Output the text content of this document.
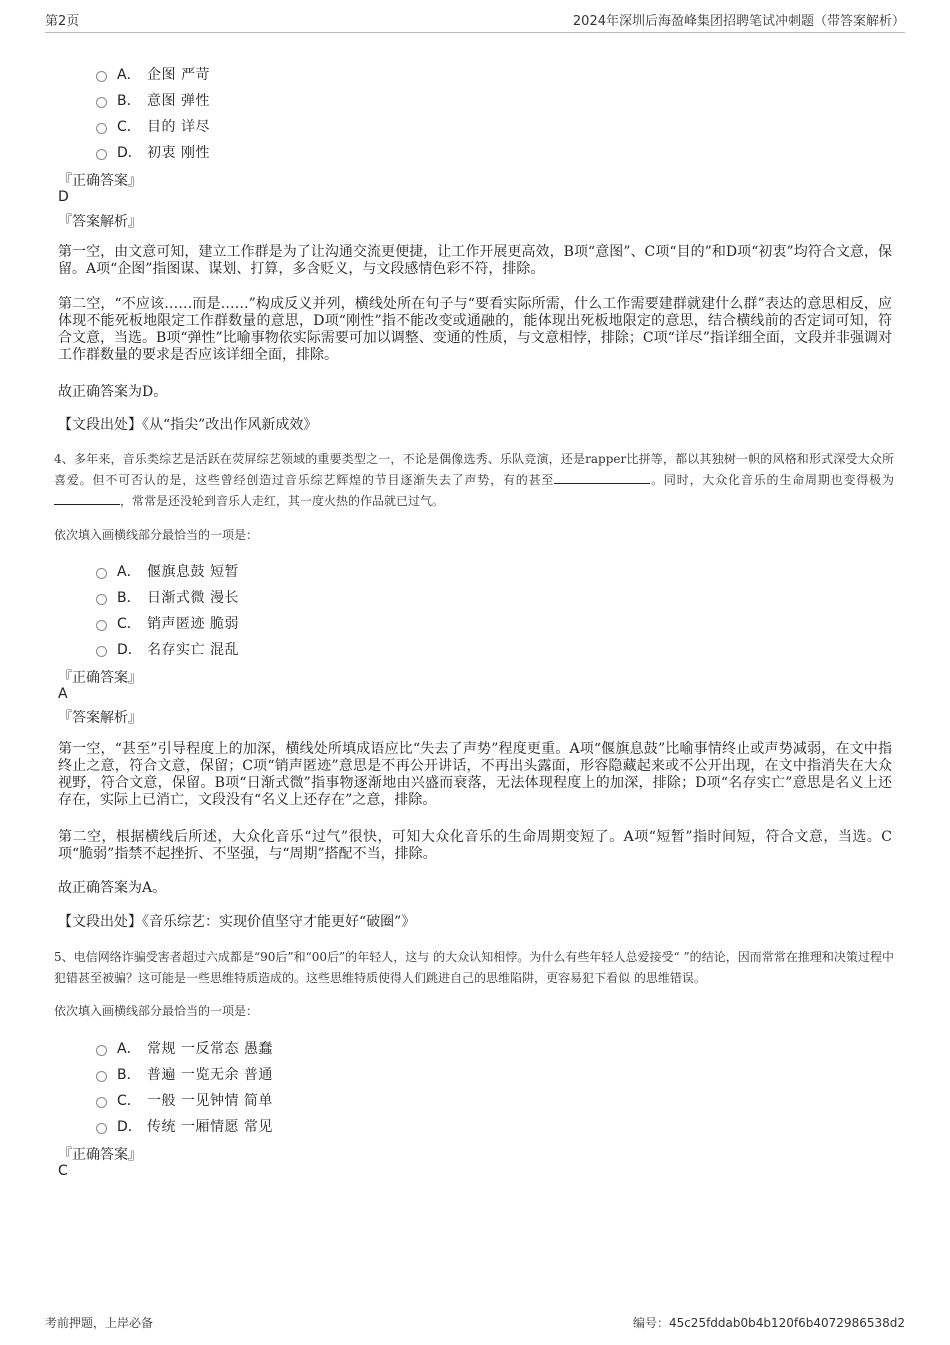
第2页	2024年深圳后海盈峰集团招聘笔试冲刺题（带答案解析）
A． 企图 严苛
B． 意图 弹性
C． 目的 详尽
D． 初衷 刚性
『正确答案』
D
『答案解析』
第一空，由文意可知，建立工作群是为了让沟通交流更便捷，让工作开展更高效，B项“意图”、C项“目的”和D项“初衷”均符合文意，保留。A项“企图”指图谋、谋划、打算，多含贬义，与文段感情色彩不符，排除。
第二空，“不应该……而是……”构成反义并列，横线处所在句子与“要看实际所需，什么工作需要建群就建什么群”表达的意思相反，应体现不能死板地限定工作群数量的意思，D项“刚性”指不能改变或通融的，能体现出死板地限定的意思，结合横线前的否定词可知，符合文意，当选。B项“弹性”比喻事物依实际需要可加以调整、变通的性质，与文意相悖，排除；C项“详尽”指详细全面，文段并非强调对工作群数量的要求是否应该详细全面，排除。
故正确答案为D。
【文段出处】《从“指尖”改出作风新成效》
4、多年来，音乐类综艺是活跃在荧屏综艺领域的重要类型之一，不论是偶像选秀、乐队竞演，还是rapper比拼等，都以其独树一帜的风格和形式深受大众所喜爱。但不可否认的是，这些曾经创造过音乐综艺辉煌的节目逐渐失去了声势，有的甚至	。同时，大众化音乐的生命周期也变得极为，常常是还没轮到音乐人走红，其一度火热的作品就已过气。
依次填入画横线部分最恰当的一项是：
A． 偃旗息鼓 短暂
B． 日渐式微 漫长
C． 销声匿迹 脆弱
D． 名存实亡 混乱
『正确答案』
A
『答案解析』
第一空，“甚至”引导程度上的加深，横线处所填成语应比“失去了声势”程度更重。A项“偃旗息鼓”比喻事情终止或声势减弱，在文中指终止之意，符合文意，保留；C项“销声匿迹”意思是不再公开讲话，不再出头露面，形容隐藏起来或不公开出现，在文中指消失在大众视野，符合文意，保留。B项“日渐式微”指事物逐渐地由兴盛而衰落，无法体现程度上的加深，排除；D项“名存实亡”意思是名义上还存在，实际上已消亡，文段没有“名义上还存在”之意，排除。
第二空，根据横线后所述，大众化音乐“过气”很快，可知大众化音乐的生命周期变短了。A项“短暂”指时间短，符合文意，当选。C项“脆弱”指禁不起挫折、不坚强，与“周期”搭配不当，排除。
故正确答案为A。
【文段出处】《音乐综艺：实现价值坚守才能更好“破圈”》
5、电信网络诈骗受害者超过六成都是“90后”和“00后”的年轻人，这与 的大众认知相悖。为什么有些年轻人总爱接受“ ”的结论，因而常常在推理和决策过程中犯错甚至被骗？这可能是一些思维特质造成的。这些思维特质使得人们跳进自己的思维陷阱，更容易犯下看似 的思维错误。
依次填入画横线部分最恰当的一项是：
A． 常规 一反常态 愚蠢
B． 普遍 一览无余 普通
C． 一般 一见钟情 简单
D． 传统 一厢情愿 常见
『正确答案』
C
考前押题，上岸必备	编号：45c25fddab0b4b120f6b4072986538d2
